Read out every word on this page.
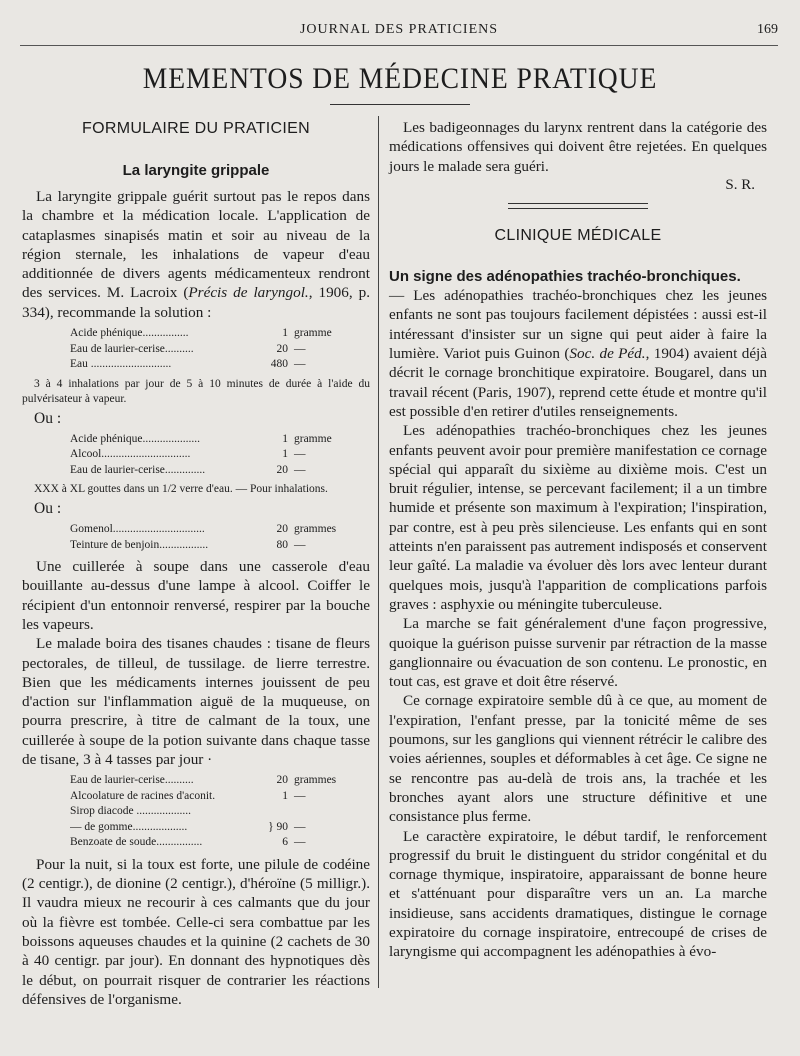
JOURNAL DES PRATICIENS	169
MEMENTOS DE MÉDECINE PRATIQUE
FORMULAIRE DU PRATICIEN
La laryngite grippale

La laryngite grippale guérit surtout pas le repos dans la chambre et la médication locale. L'application de cataplasmes sinapisés matin et soir au niveau de la région sternale, les inhalations de vapeur d'eau additionnée de divers agents médicamenteux rendront des services. M. Lacroix (Précis de laryngol., 1906, p. 334), recommande la solution :

Acide phénique................	1 gramme
Eau de laurier-cerise..........	20 —
Eau ............................	480 —

3 à 4 inhalations par jour de 5 à 10 minutes de durée à l'aide du pulvérisateur à vapeur.

Ou :
Acide phénique....................	1 gramme
Alcool...............................	1 —
Eau de laurier-cerise..............	20 —

XXX à XL gouttes dans un 1/2 verre d'eau. — Pour inhalations.

Ou :
Gomenol................................	20 grammes
Teinture de benjoin.................	80 —

Une cuillerée à soupe dans une casserole d'eau bouillante au-dessus d'une lampe à alcool. Coiffer le récipient d'un entonnoir renversé, respirer par la bouche les vapeurs.

Le malade boira des tisanes chaudes : tisane de fleurs pectorales, de tilleul, de tussilage. de lierre terrestre. Bien que les médicaments internes jouissent de peu d'action sur l'inflammation aiguë de la muqueuse, on pourra prescrire, à titre de calmant de la toux, une cuillerée à soupe de la potion suivante dans chaque tasse de tisane, 3 à 4 tasses par jour ·

Eau de laurier-cerise..........	20 grammes
Alcoolature de racines d'aconit.	1 —
Sirop diacode ...................
— de gomme...................	} 90 —
Benzoate de soude................	6 —

Pour la nuit, si la toux est forte, une pilule de codéine (2 centigr.), de dionine (2 centigr.), d'héroïne (5 milligr.). Il vaudra mieux ne recourir à ces calmants que du jour où la fièvre est tombée. Celle-ci sera combattue par les boissons aqueuses chaudes et la quinine (2 cachets de 30 à 40 centigr. par jour). En donnant des hypnotiques dès le début, on pourrait risquer de contrarier les réactions défensives de l'organisme.

Les badigeonnages du larynx rentrent dans la catégorie des médications offensives qui doivent être rejetées. En quelques jours le malade sera guéri.

S. R.
CLINIQUE MÉDICALE

Un signe des adénopathies trachéo-bronchiques.
— Les adénopathies trachéo-bronchiques chez les jeunes enfants ne sont pas toujours facilement dépistées : aussi est-il intéressant d'insister sur un signe qui peut aider à faire la lumière. Variot puis Guinon (Soc. de Péd., 1904) avaient déjà décrit le cornage bronchitique expiratoire. Bougarel, dans un travail récent (Paris, 1907), reprend cette étude et montre qu'il est possible d'en retirer d'utiles renseignements.

Les adénopathies trachéo-bronchiques chez les jeunes enfants peuvent avoir pour première manifestation ce cornage spécial qui apparaît du sixième au dixième mois. C'est un bruit régulier, intense, se percevant facilement; il a un timbre humide et présente son maximum à l'expiration; l'inspiration, par contre, est à peu près silencieuse. Les enfants qui en sont atteints n'en paraissent pas autrement indisposés et conservent leur gaîté. La maladie va évoluer dès lors avec lenteur durant quelques mois, jusqu'à l'apparition de complications parfois graves : asphyxie ou méningite tuberculeuse.

La marche se fait généralement d'une façon progressive, quoique la guérison puisse survenir par rétraction de la masse ganglionnaire ou évacuation de son contenu. Le pronostic, en tout cas, est grave et doit être réservé.

Ce cornage expiratoire semble dû à ce que, au moment de l'expiration, l'enfant presse, par la tonicité même de ses poumons, sur les ganglions qui viennent rétrécir le calibre des voies aériennes, souples et déformables à cet âge. Ce signe ne se rencontre pas au-delà de trois ans, la trachée et les bronches ayant alors une structure définitive et une consistance plus ferme.

Le caractère expiratoire, le début tardif, le renforcement progressif du bruit le distinguent du stridor congénital et du cornage thymique, inspiratoire, apparaissant de bonne heure et s'atténuant pour disparaître vers un an. La marche insidieuse, sans accidents dramatiques, distingue le cornage expiratoire du cornage inspiratoire, entrecoupé de crises de laryngisme qui accompagnent les adénopathies à évo-
